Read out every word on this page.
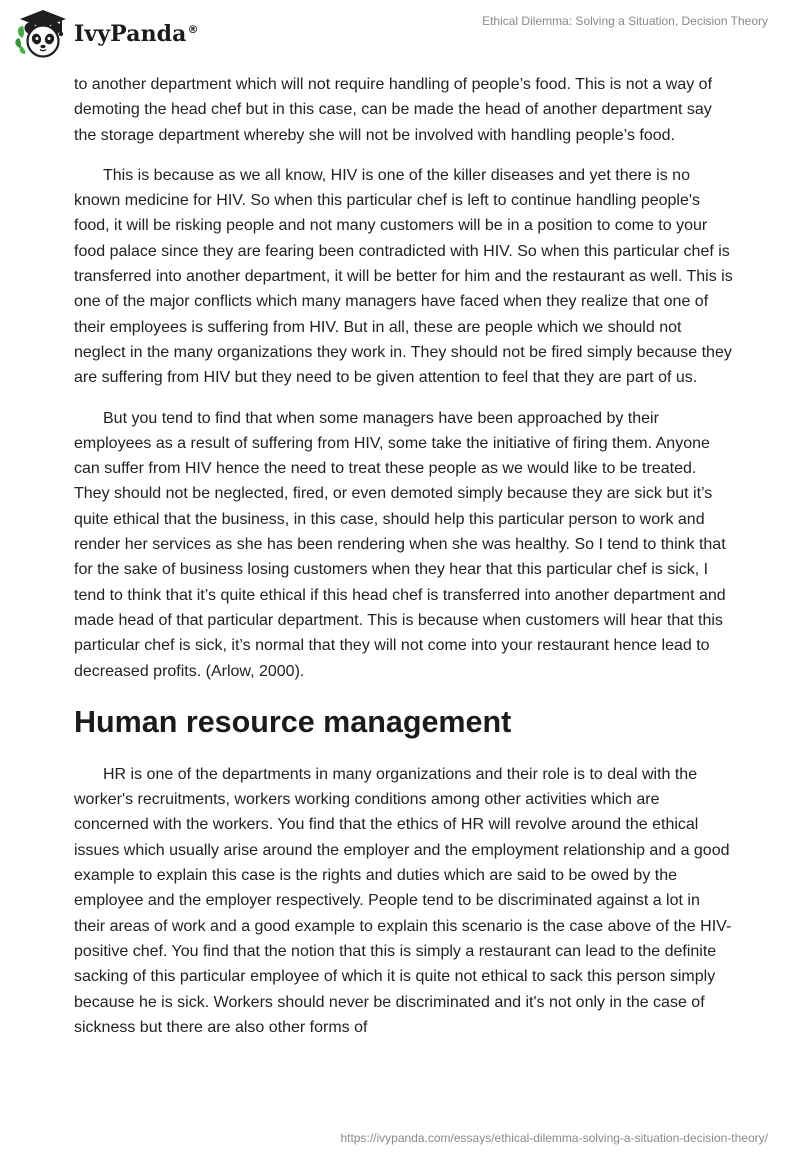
IvyPanda®
Ethical Dilemma: Solving a Situation, Decision Theory

to another department which will not require handling of people’s food. This is not a way of demoting the head chef but in this case, can be made the head of another department say the storage department whereby she will not be involved with handling people’s food.

This is because as we all know, HIV is one of the killer diseases and yet there is no known medicine for HIV. So when this particular chef is left to continue handling people's food, it will be risking people and not many customers will be in a position to come to your food palace since they are fearing been contradicted with HIV. So when this particular chef is transferred into another department, it will be better for him and the restaurant as well. This is one of the major conflicts which many managers have faced when they realize that one of their employees is suffering from HIV. But in all, these are people which we should not neglect in the many organizations they work in. They should not be fired simply because they are suffering from HIV but they need to be given attention to feel that they are part of us.

But you tend to find that when some managers have been approached by their employees as a result of suffering from HIV, some take the initiative of firing them. Anyone can suffer from HIV hence the need to treat these people as we would like to be treated. They should not be neglected, fired, or even demoted simply because they are sick but it’s quite ethical that the business, in this case, should help this particular person to work and render her services as she has been rendering when she was healthy. So I tend to think that for the sake of business losing customers when they hear that this particular chef is sick, I tend to think that it’s quite ethical if this head chef is transferred into another department and made head of that particular department. This is because when customers will hear that this particular chef is sick, it’s normal that they will not come into your restaurant hence lead to decreased profits. (Arlow, 2000).

Human resource management

HR is one of the departments in many organizations and their role is to deal with the worker's recruitments, workers working conditions among other activities which are concerned with the workers. You find that the ethics of HR will revolve around the ethical issues which usually arise around the employer and the employment relationship and a good example to explain this case is the rights and duties which are said to be owed by the employee and the employer respectively. People tend to be discriminated against a lot in their areas of work and a good example to explain this scenario is the case above of the HIV-positive chef. You find that the notion that this is simply a restaurant can lead to the definite sacking of this particular employee of which it is quite not ethical to sack this person simply because he is sick. Workers should never be discriminated and it's not only in the case of sickness but there are also other forms of

https://ivypanda.com/essays/ethical-dilemma-solving-a-situation-decision-theory/
